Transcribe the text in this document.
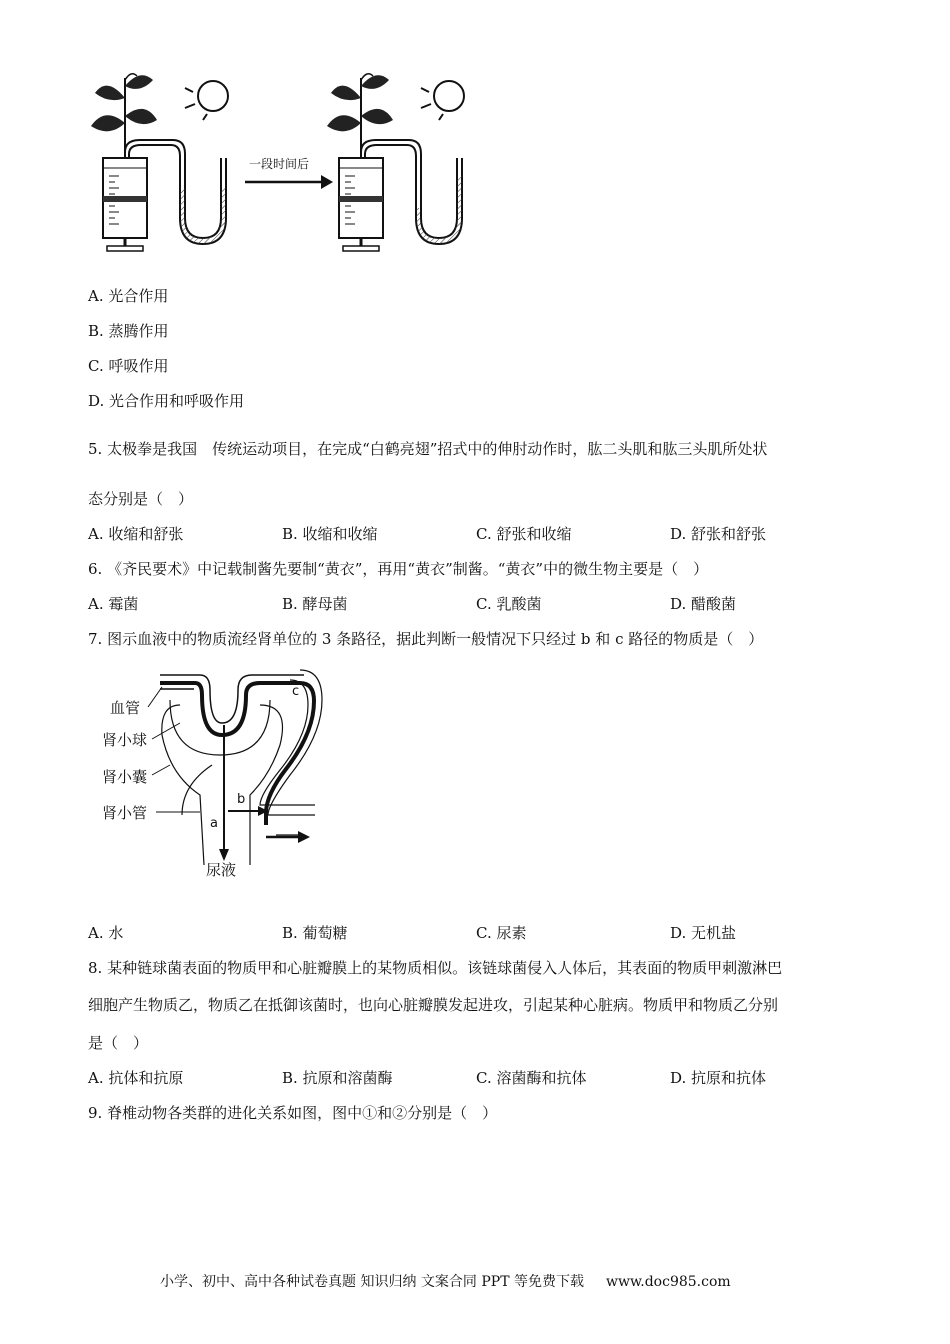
一段时间后
A. 光合作用
B. 蒸腾作用
C. 呼吸作用
D. 光合作用和呼吸作用
5. 太极拳是我国　传统运动项目，在完成“白鹤亮翅”招式中的伸肘动作时，肱二头肌和肱三头肌所处状
态分别是（　）
A. 收缩和舒张	B. 收缩和收缩	C. 舒张和收缩	D. 舒张和舒张
6. 《齐民要术》中记载制酱先要制“黄衣”，再用“黄衣”制酱。“黄衣”中的微生物主要是（　）
A. 霉菌	B. 酵母菌	C. 乳酸菌	D. 醋酸菌
7. 图示血液中的物质流经肾单位的 3 条路径，据此判断一般情况下只经过 b 和 c 路径的物质是（　）
血管
肾小球
肾小囊
肾小管
尿液
a
b
c
A. 水	B. 葡萄糖	C. 尿素	D. 无机盐
8. 某种链球菌表面的物质甲和心脏瓣膜上的某物质相似。该链球菌侵入人体后，其表面的物质甲刺激淋巴
细胞产生物质乙，物质乙在抵御该菌时，也向心脏瓣膜发起进攻，引起某种心脏病。物质甲和物质乙分别
是（　）
A. 抗体和抗原	B. 抗原和溶菌酶	C. 溶菌酶和抗体	D. 抗原和抗体
9. 脊椎动物各类群的进化关系如图，图中①和②分别是（　）
小学、初中、高中各种试卷真题 知识归纳 文案合同 PPT 等免费下载 www.doc985.com
